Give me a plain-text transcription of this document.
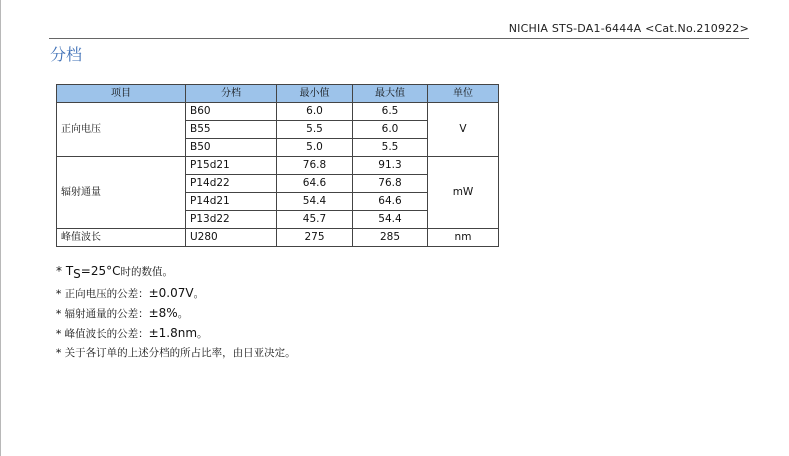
NICHIA STS-DA1-6444A <Cat.No.210922>
分档
项目	分档	最小值	最大值	单位
正向电压	B60	6.0	6.5	V
	B55	5.5	6.0	
	B50	5.0	5.5	
辐射通量	P15d21	76.8	91.3	mW
	P14d22	64.6	76.8	
	P14d21	54.4	64.6	
	P13d22	45.7	54.4	
峰值波长	U280	275	285	nm
* $T_S=25^\circ C$时的数值。
* 正向电压的公差：±0.07V。
* 辐射通量的公差：±8%。
* 峰值波长的公差：±1.8nm。
* 关于各订单的上述分档的所占比率，由日亚决定。
